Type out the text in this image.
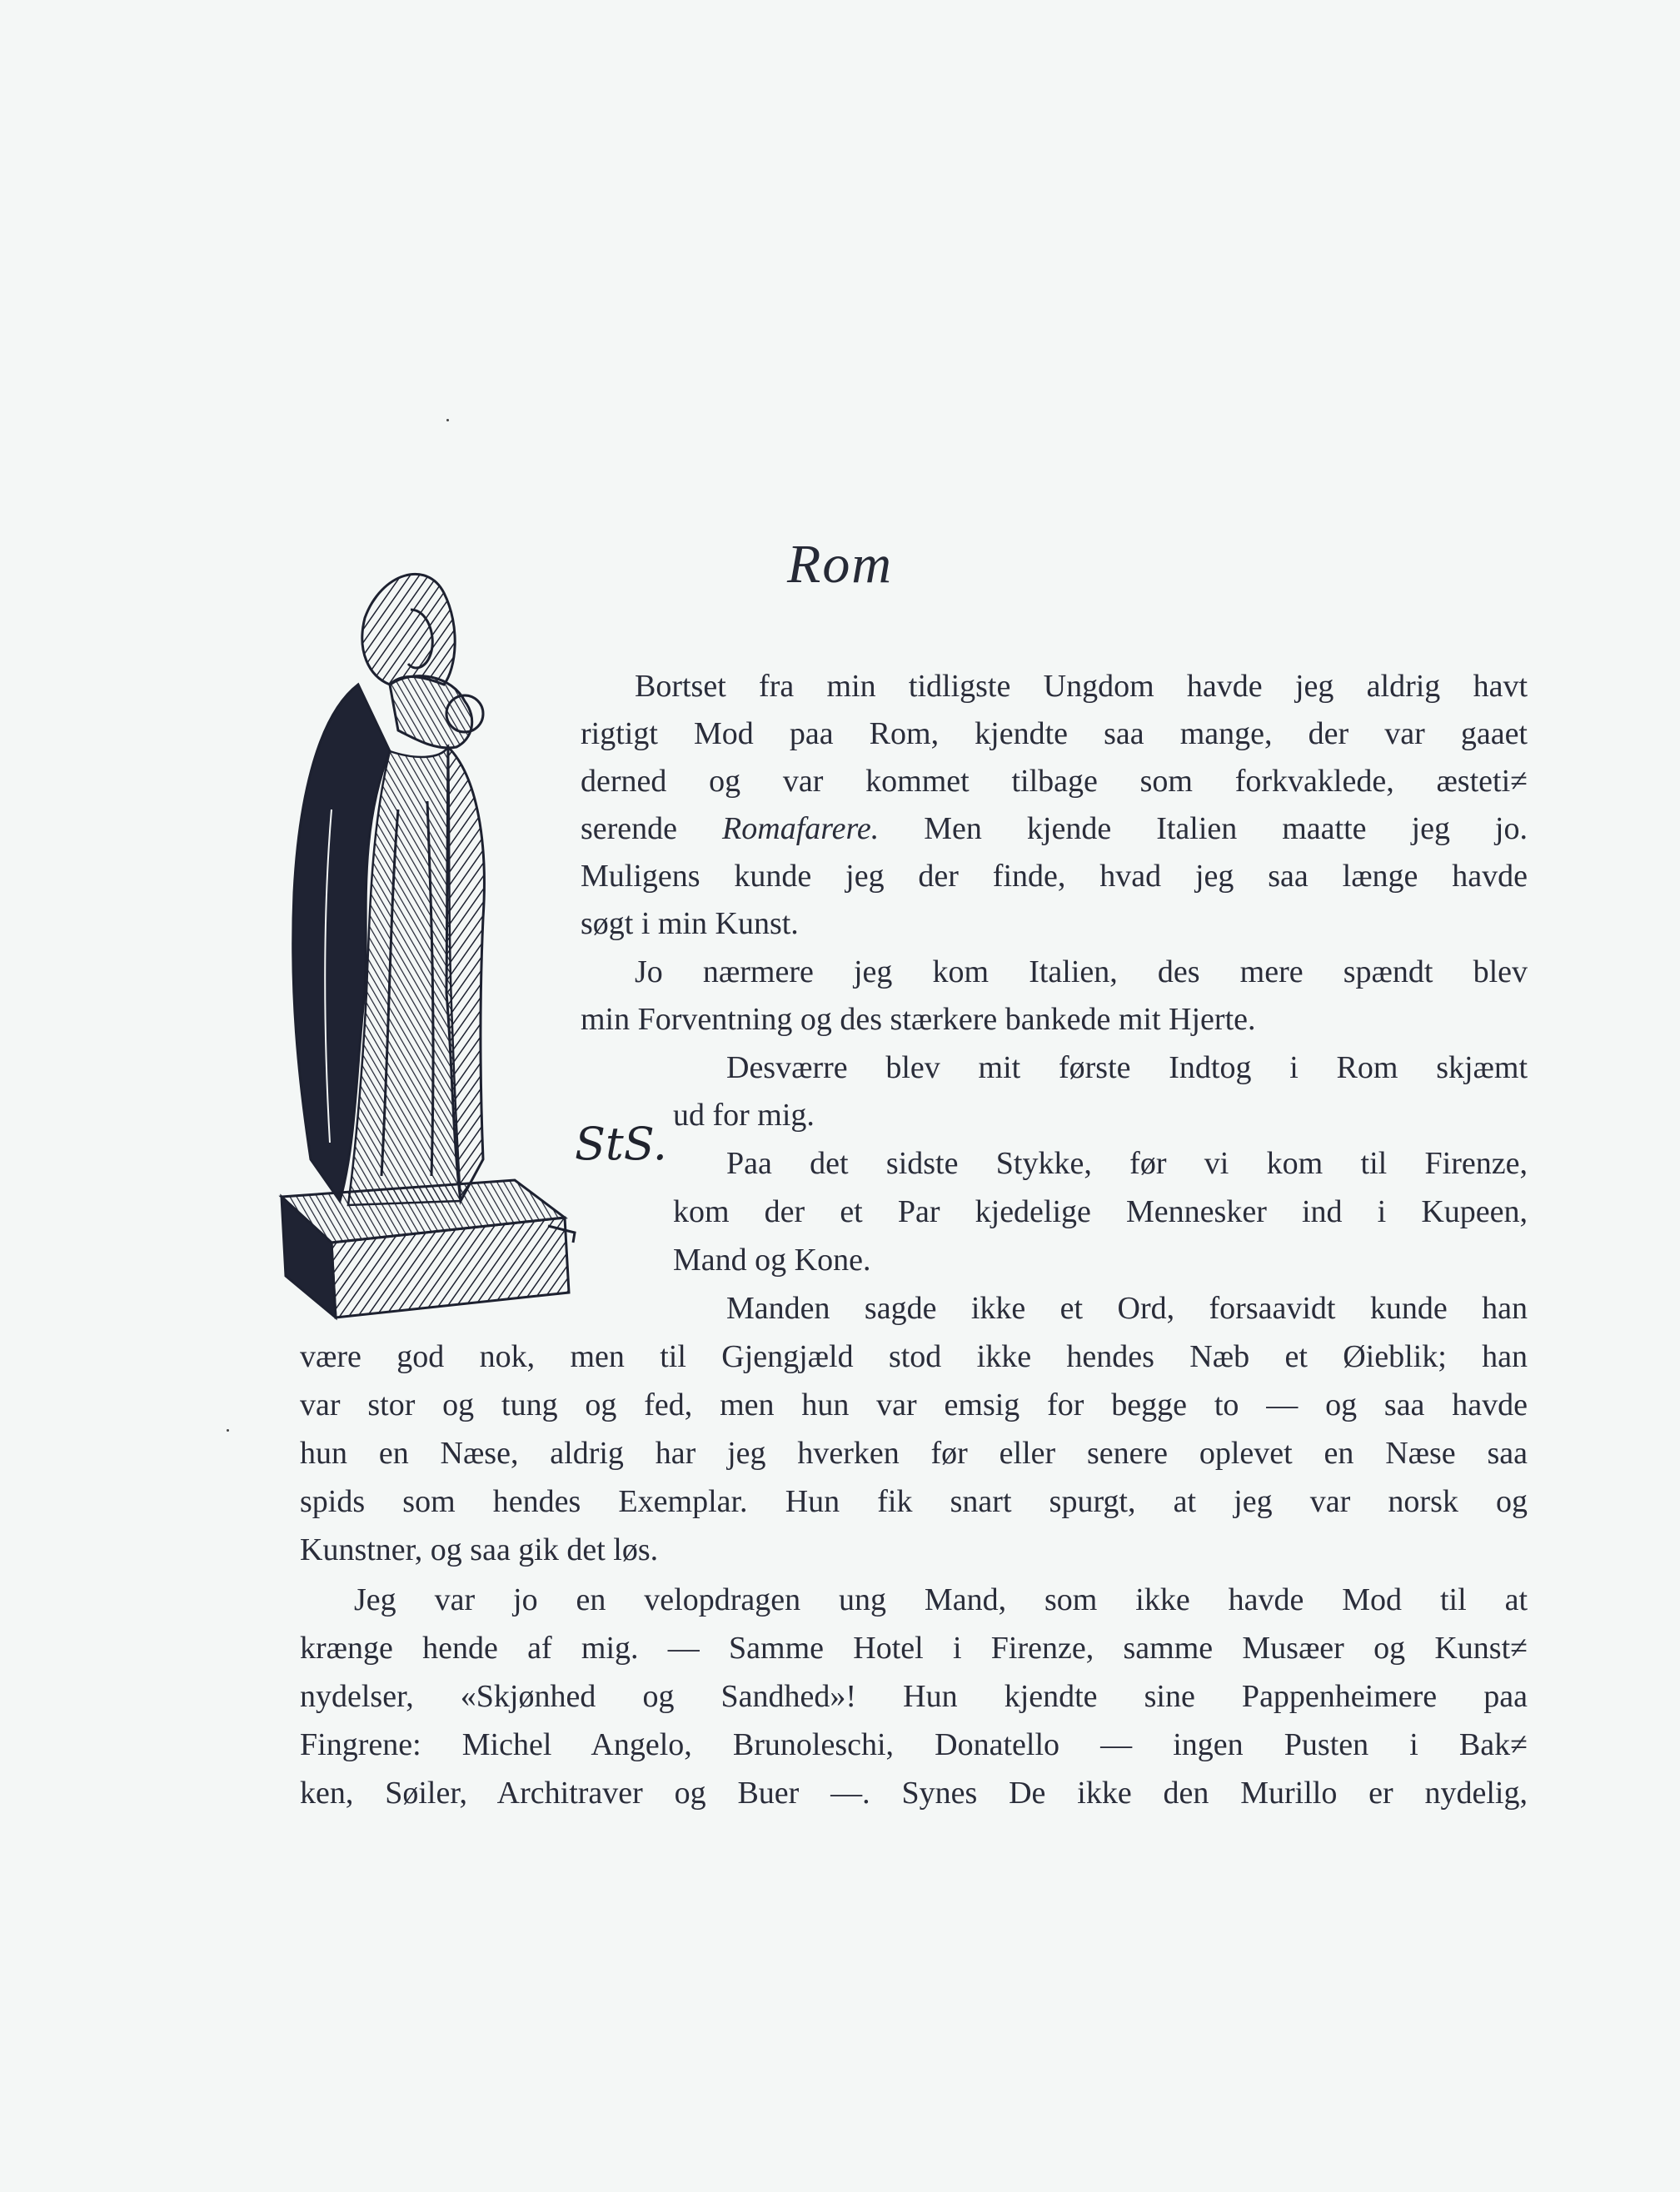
Rom
StS.
Bortset fra min tidligste Ungdom havde jeg aldrig havt
rigtigt Mod paa Rom, kjendte saa mange, der var gaaet
derned og var kommet tilbage som forkvaklede, æsteti≠
serende Romafarere. Men kjende Italien maatte jeg jo.
Muligens kunde jeg der finde, hvad jeg saa længe havde
søgt i min Kunst.
Jo nærmere jeg kom Italien, des mere spændt blev
min Forventning og des stærkere bankede mit Hjerte.
Desværre blev mit første Indtog i Rom skjæmt
ud for mig.
Paa det sidste Stykke, før vi kom til Firenze,
kom der et Par kjedelige Mennesker ind i Kupeen,
Mand og Kone.
Manden sagde ikke et Ord, forsaavidt kunde han
være god nok, men til Gjengjæld stod ikke hendes Næb et Øieblik; han
var stor og tung og fed, men hun var emsig for begge to — og saa havde
hun en Næse, aldrig har jeg hverken før eller senere oplevet en Næse saa
spids som hendes Exemplar. Hun fik snart spurgt, at jeg var norsk og
Kunstner, og saa gik det løs.
Jeg var jo en velopdragen ung Mand, som ikke havde Mod til at
krænge hende af mig. — Samme Hotel i Firenze, samme Musæer og Kunst≠
nydelser, «Skjønhed og Sandhed»! Hun kjendte sine Pappenheimere paa
Fingrene: Michel Angelo, Brunoleschi, Donatello — ingen Pusten i Bak≠
ken, Søiler, Architraver og Buer —. Synes De ikke den Murillo er nydelig,
